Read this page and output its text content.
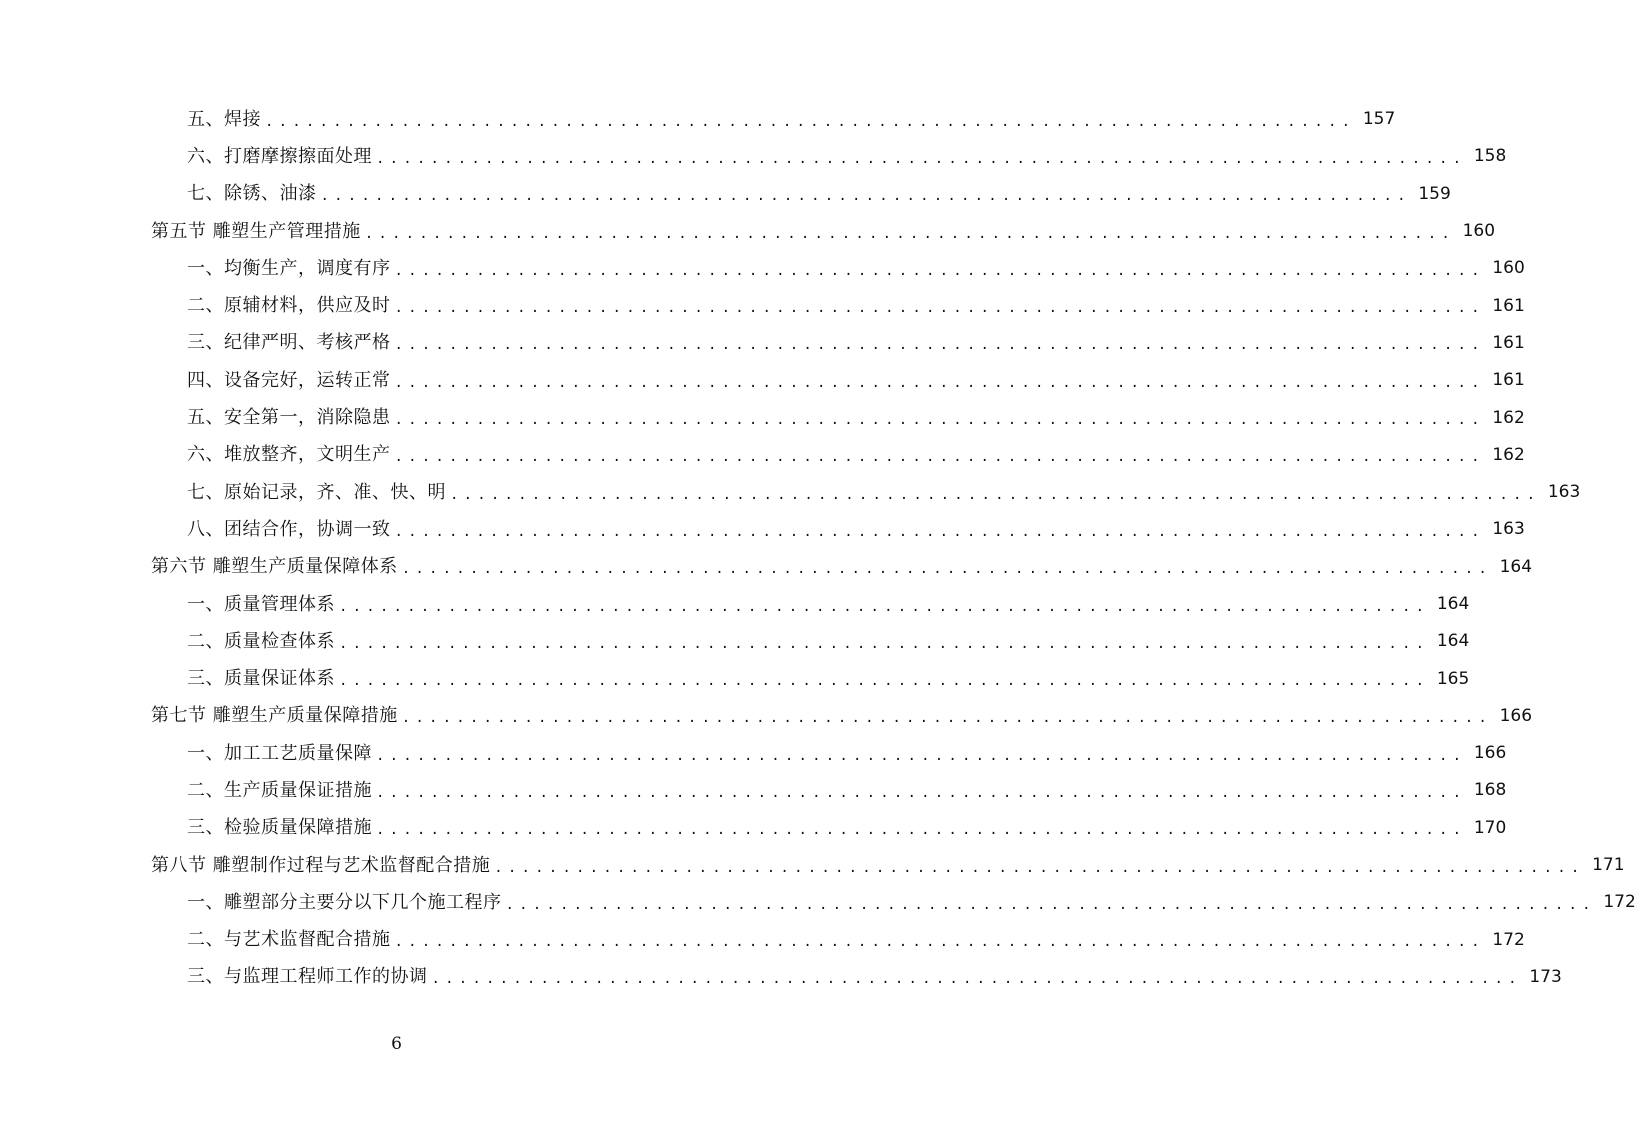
五、焊接 ................................................................................ 157
六、打磨摩擦擦面处理 ................................................................................ 158
七、除锈、油漆 ................................................................................ 159
第五节 雕塑生产管理措施 ................................................................................ 160
一、均衡生产，调度有序 ................................................................................ 160
二、原辅材料，供应及时 ................................................................................ 161
三、纪律严明、考核严格 ................................................................................ 161
四、设备完好，运转正常 ................................................................................ 161
五、安全第一，消除隐患 ................................................................................ 162
六、堆放整齐，文明生产 ................................................................................ 162
七、原始记录，齐、准、快、明 ................................................................................ 163
八、团结合作，协调一致 ................................................................................ 163
第六节 雕塑生产质量保障体系 ................................................................................ 164
一、质量管理体系 ................................................................................ 164
二、质量检查体系 ................................................................................ 164
三、质量保证体系 ................................................................................ 165
第七节 雕塑生产质量保障措施 ................................................................................ 166
一、加工工艺质量保障 ................................................................................ 166
二、生产质量保证措施 ................................................................................ 168
三、检验质量保障措施 ................................................................................ 170
第八节 雕塑制作过程与艺术监督配合措施 ................................................................................ 171
一、雕塑部分主要分以下几个施工程序 ................................................................................ 172
二、与艺术监督配合措施 ................................................................................ 172
三、与监理工程师工作的协调 ................................................................................ 173
6
